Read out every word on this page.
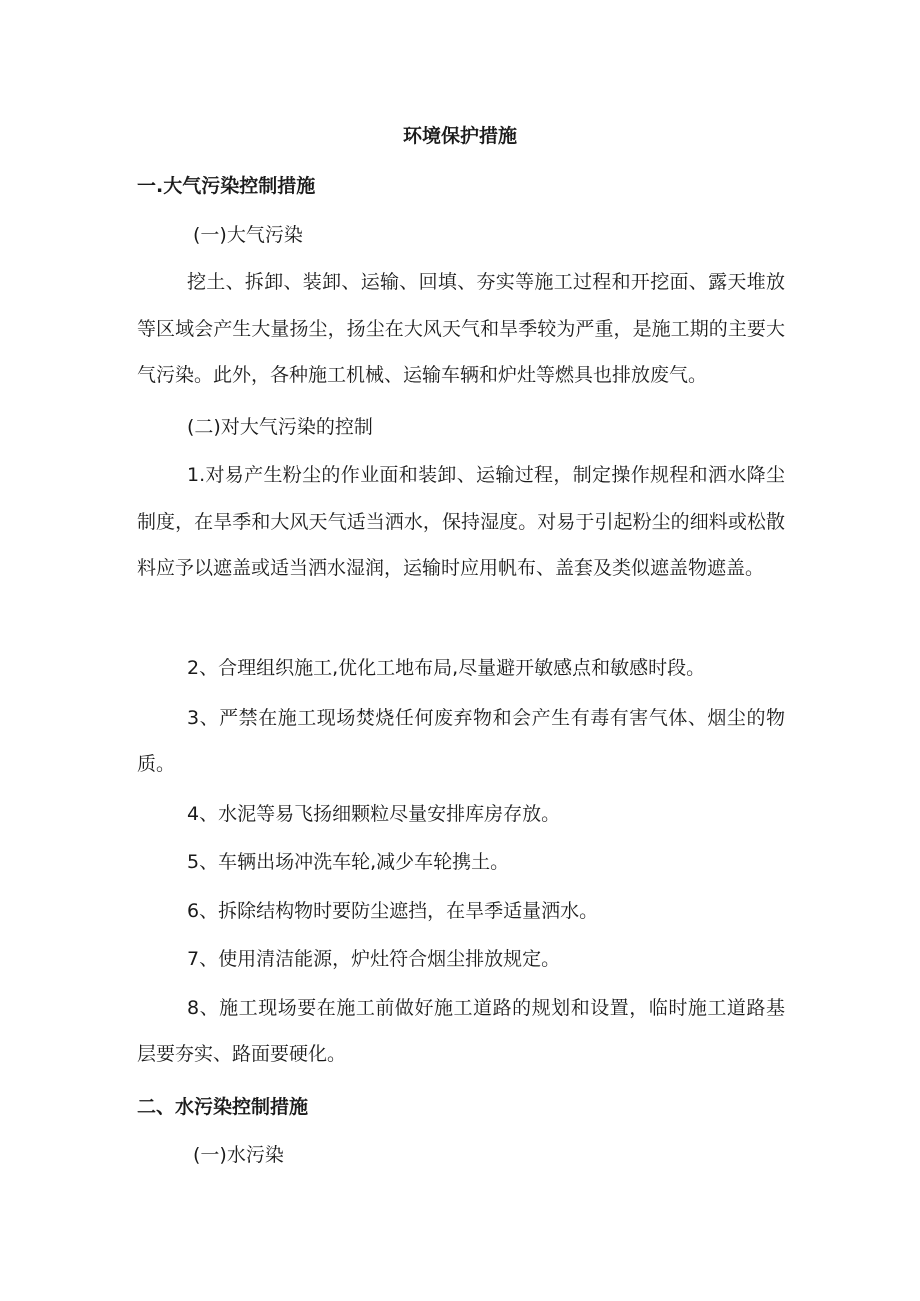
环境保护措施
一.大气污染控制措施
(一)大气污染

挖土、拆卸、装卸、运输、回填、夯实等施工过程和开挖面、露天堆放等区域会产生大量扬尘，扬尘在大风天气和旱季较为严重，是施工期的主要大气污染。此外，各种施工机械、运输车辆和炉灶等燃具也排放废气。

(二)对大气污染的控制

1.对易产生粉尘的作业面和装卸、运输过程，制定操作规程和洒水降尘制度，在旱季和大风天气适当洒水，保持湿度。对易于引起粉尘的细料或松散料应予以遮盖或适当洒水湿润，运输时应用帆布、盖套及类似遮盖物遮盖。

2、合理组织施工,优化工地布局,尽量避开敏感点和敏感时段。

3、严禁在施工现场焚烧任何废弃物和会产生有毒有害气体、烟尘的物质。

4、水泥等易飞扬细颗粒尽量安排库房存放。

5、车辆出场冲洗车轮,减少车轮携土。

6、拆除结构物时要防尘遮挡，在旱季适量洒水。

7、使用清洁能源，炉灶符合烟尘排放规定。

8、施工现场要在施工前做好施工道路的规划和设置，临时施工道路基层要夯实、路面要硬化。

二、水污染控制措施
(一)水污染
